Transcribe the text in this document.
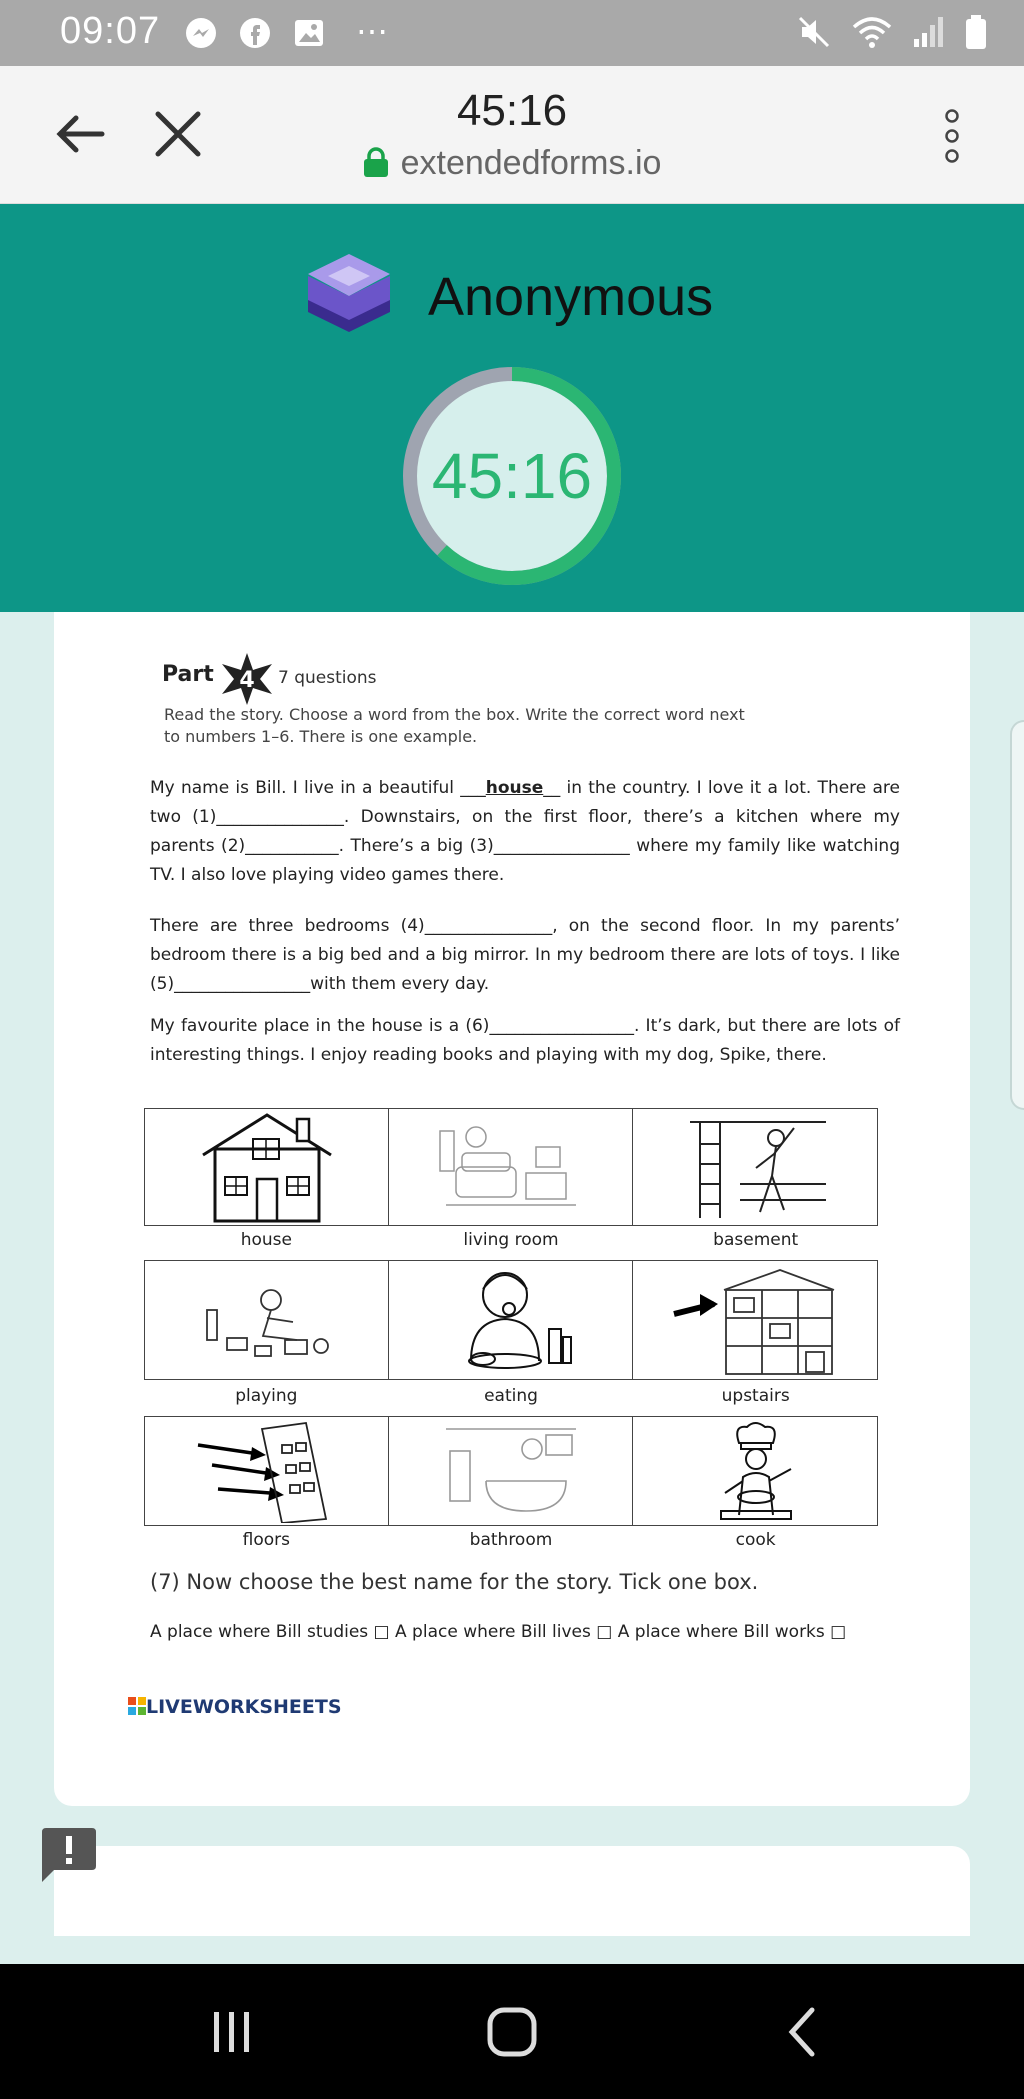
09:07	⋯
45:16
extendedforms.io
Anonymous
45:16
Part 4 7 questions
Read the story. Choose a word from the box. Write the correct word next
to numbers 1–6. There is one example.

My name is Bill. I live in a beautiful ___house__ in the country. I love it a lot. There are two (1)_______________. Downstairs, on the first floor, there’s a kitchen where my parents (2)___________. There’s a big (3)________________ where my family like watching TV. I also love playing video games there.

There are three bedrooms (4)_______________, on the second floor. In my parents’ bedroom there is a big bed and a big mirror. In my bedroom there are lots of toys. I like (5)________________with them every day.

My favourite place in the house is a (6)_________________. It’s dark, but there are lots of interesting things. I enjoy reading books and playing with my dog, Spike, there.

house	living room	basement
playing	eating	upstairs
floors	bathroom	cook
(7) Now choose the best name for the story. Tick one box.
A place where Bill studies □ A place where Bill lives □ A place where Bill works □
LIVEWORKSHEETS
